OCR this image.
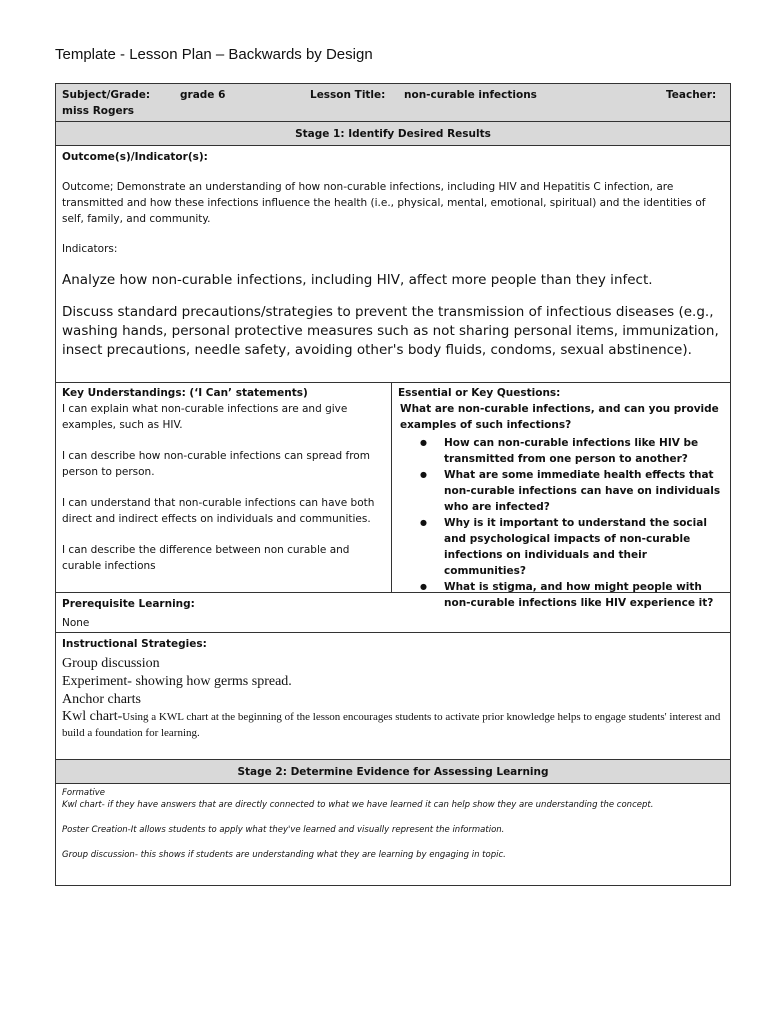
Template - Lesson Plan – Backwards by Design
Subject/Grade:	grade 6	Lesson Title: non-curable infections	Teacher:
miss Rogers
Stage 1: Identify Desired Results

Outcome(s)/Indicator(s):

Outcome; Demonstrate an understanding of how non-curable infections, including HIV and Hepatitis C infection, are transmitted and how these infections influence the health (i.e., physical, mental, emotional, spiritual) and the identities of self, family, and community.

Indicators:

Analyze how non-curable infections, including HIV, affect more people than they infect.

Discuss standard precautions/strategies to prevent the transmission of infectious diseases (e.g., washing hands, personal protective measures such as not sharing personal items, immunization, insect precautions, needle safety, avoiding other's body fluids, condoms, sexual abstinence).

Key Understandings: (‘I Can’ statements)

I can explain what non-curable infections are and give examples, such as HIV.

I can describe how non-curable infections can spread from person to person.

I can understand that non-curable infections can have both direct and indirect effects on individuals and communities.

I can describe the difference between non curable and curable infections

Essential or Key Questions:

What are non-curable infections, and can you provide examples of such infections?

● How can non-curable infections like HIV be transmitted from one person to another?
● What are some immediate health effects that non-curable infections can have on individuals who are infected?
● Why is it important to understand the social and psychological impacts of non-curable infections on individuals and their communities?
● What is stigma, and how might people with non-curable infections like HIV experience it?

Prerequisite Learning:

None

Instructional Strategies:

Group discussion

Experiment- showing how germs spread.

Anchor charts

Kwl chart-Using a KWL chart at the beginning of the lesson encourages students to activate prior knowledge helps to engage students' interest and build a foundation for learning.

Stage 2: Determine Evidence for Assessing Learning

Formative

Kwl chart- if they have answers that are directly connected to what we have learned it can help show they are understanding the concept.

Poster Creation-It allows students to apply what they've learned and visually represent the information.

Group discussion- this shows if students are understanding what they are learning by engaging in topic.
